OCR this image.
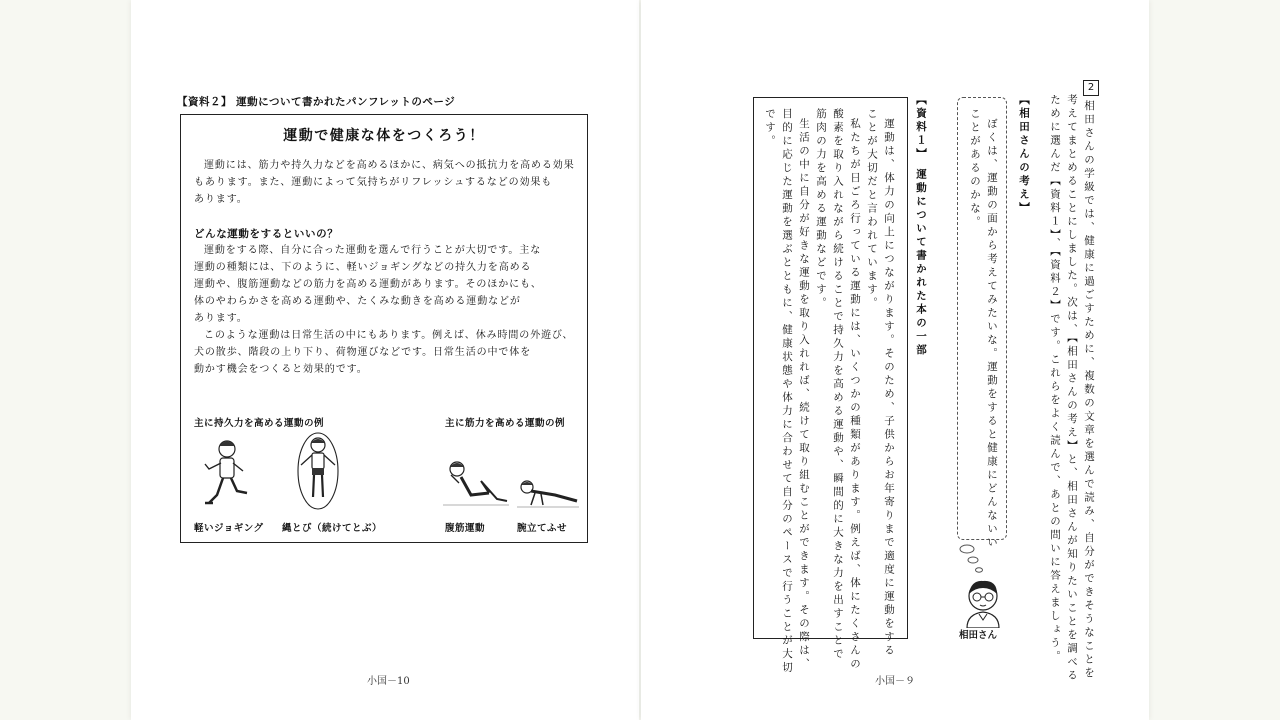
【資料２】 運動について書かれたパンフレットのページ
運動で健康な体をつくろう！

運動には、筋力や持久力などを高めるほかに、病気への抵抗力を高める効果

もあります。また、運動によって気持ちがリフレッシュするなどの効果も

あります。

どんな運動をするといいの？

運動をする際、自分に合った運動を選んで行うことが大切です。主な

運動の種類には、下のように、軽いジョギングなどの持久力を高める

運動や、腹筋運動などの筋力を高める運動があります。そのほかにも、

体のやわらかさを高める運動や、たくみな動きを高める運動などが

あります。

このような運動は日常生活の中にもあります。例えば、休み時間の外遊び、

犬の散歩、階段の上り下り、荷物運びなどです。日常生活の中で体を

動かす機会をつくると効果的です。

主に持久力を高める運動の例	主に筋力を高める運動の例
軽いジョギング 縄とび（続けてとぶ）	腹筋運動	腕立てふせ
小国－10
2
相田さんの学級では、健康に過ごすために、複数の文章を選んで読み、自分ができそうなことを
考えてまとめることにしました。次は、【相田さんの考え】と、相田さんが知りたいことを調べる
ために選んだ【資料１】、【資料２】です。これらをよく読んで、あとの問いに答えましょう。
【相田さんの考え】
ぼくは、運動の面から考えてみたいな。運動をすると健康にどんないい
ことがあるのかな。
相田さん
【資料１】 運動について書かれた本の一部
運動は、体力の向上につながります。そのため、子供からお年寄りまで適度に運動をする
ことが大切だと言われています。
私たちが日ごろ行っている運動には、いくつかの種類があります。例えば、体にたくさんの
酸素を取り入れながら続けることで持久力を高める運動や、瞬間的に大きな力を出すことで
筋肉の力を高める運動などです。
生活の中に自分が好きな運動を取り入れれば、続けて取り組むことができます。その際は、
目的に応じた運動を選ぶとともに、健康状態や体力に合わせて自分のペースで行うことが大切
です。
小国－９
